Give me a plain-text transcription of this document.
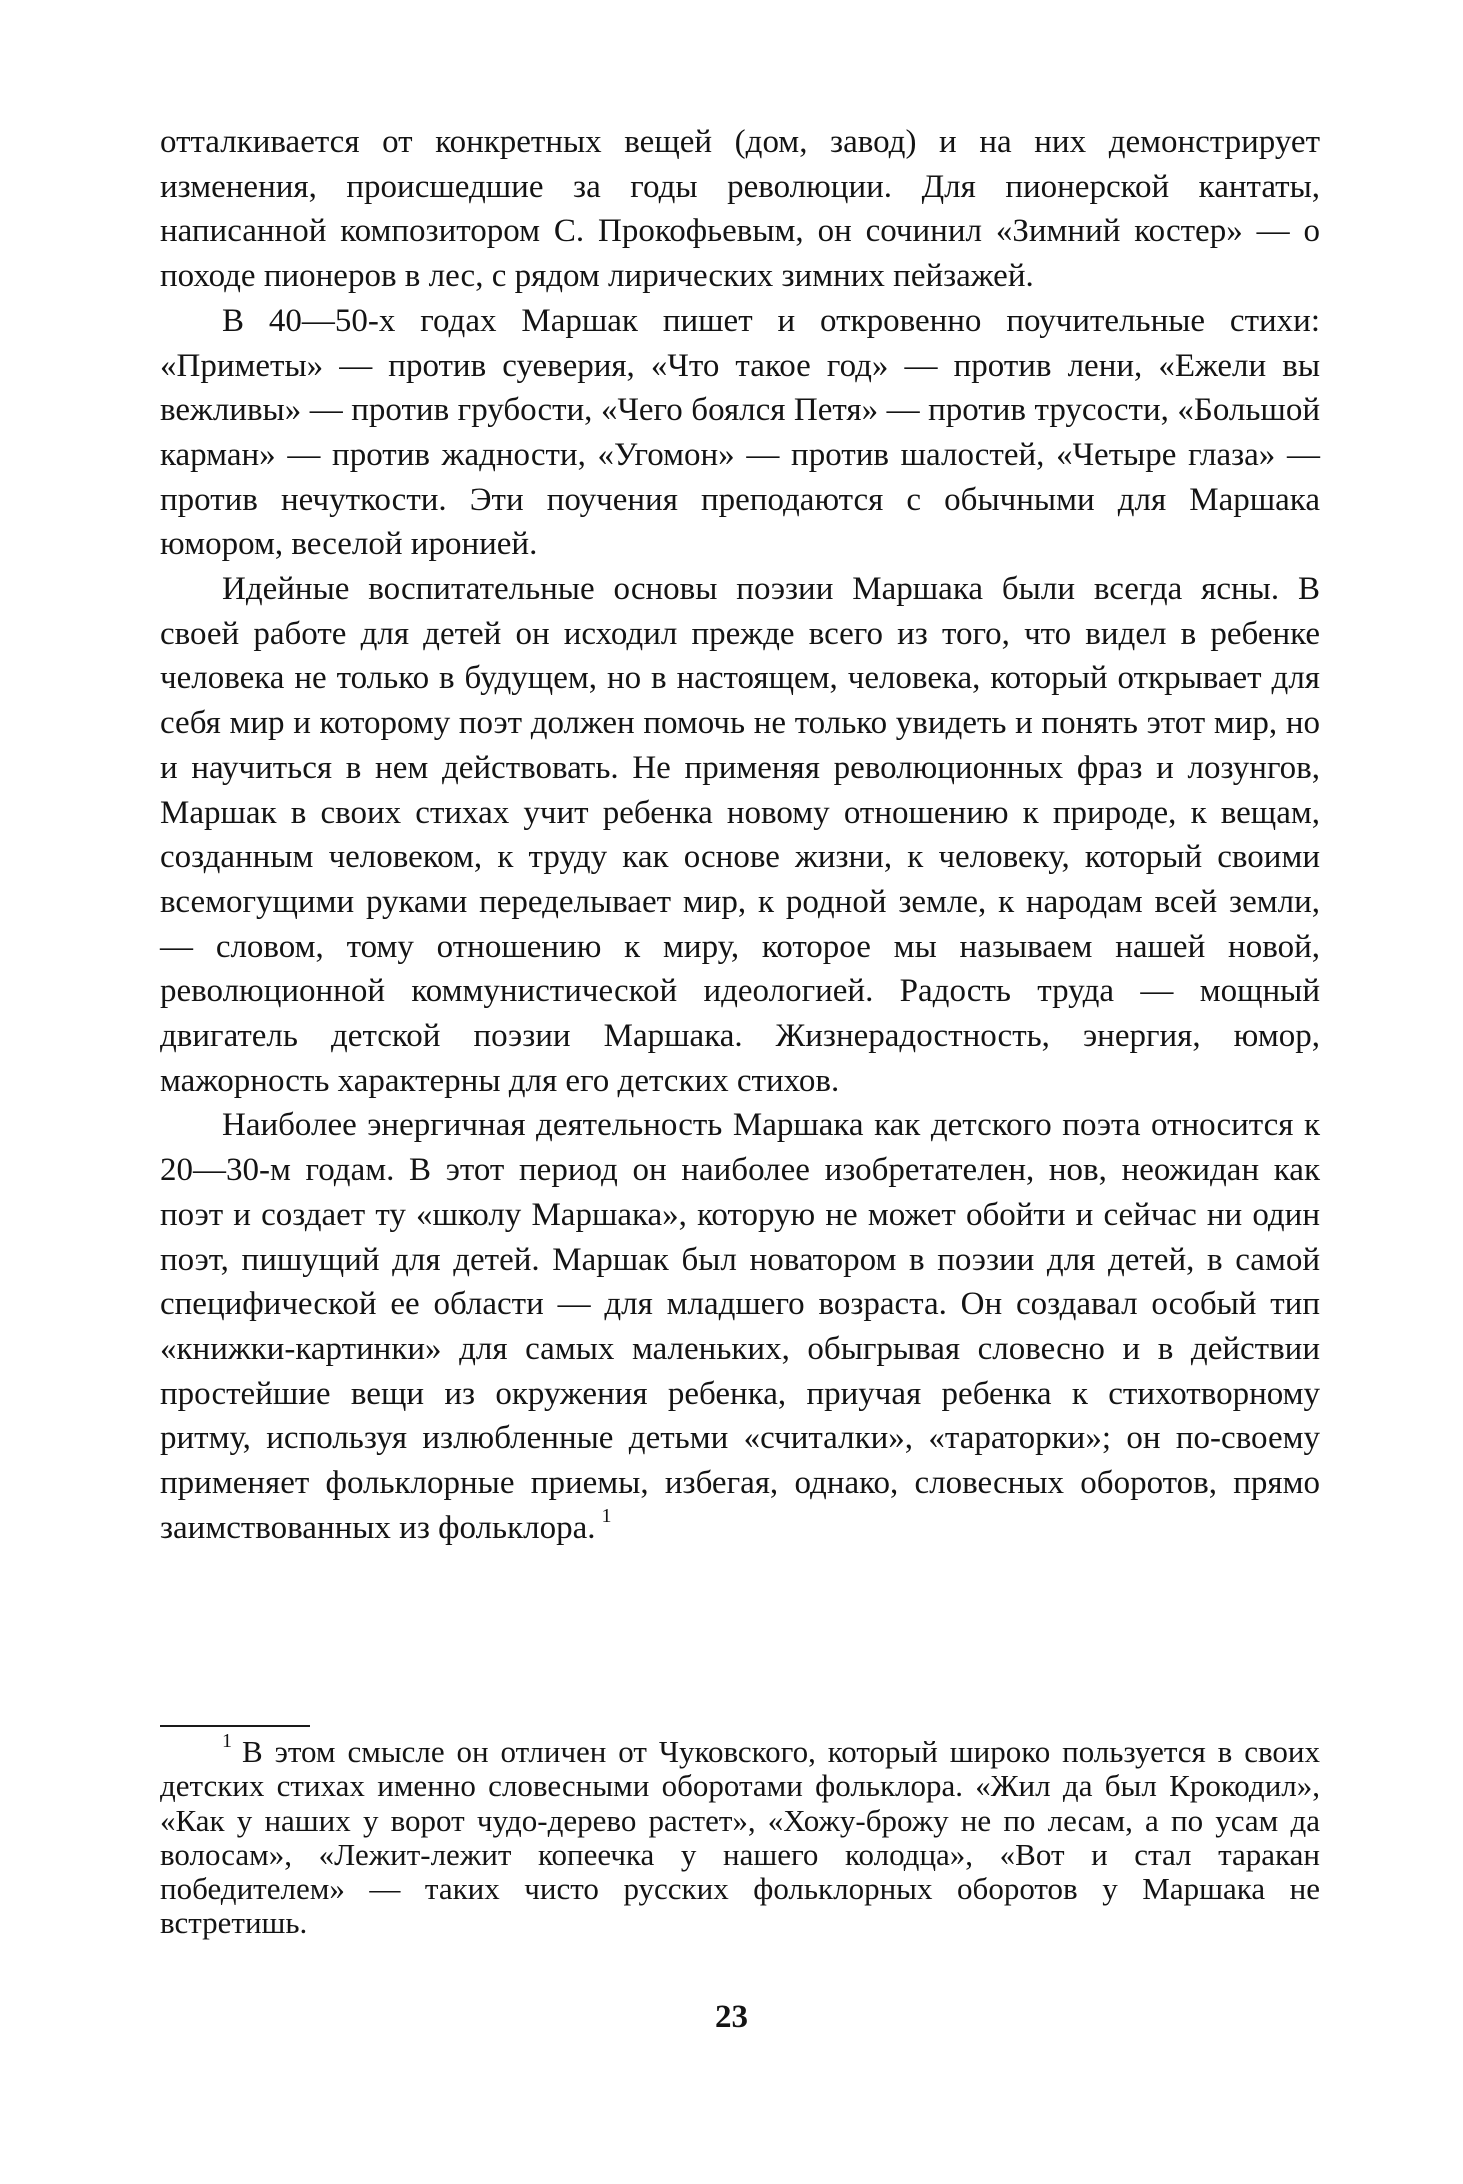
отталкивается от конкретных вещей (дом, завод) и на них демонстрирует изменения, происшедшие за годы революции. Для пионерской кантаты, написанной композитором С. Прокофьевым, он сочинил «Зимний костер» — о походе пионеров в лес, с рядом лирических зимних пейзажей.

В 40—50-х годах Маршак пишет и откровенно поучительные стихи: «Приметы» — против суеверия, «Что такое год» — против лени, «Ежели вы вежливы» — против грубости, «Чего боялся Петя» — против трусости, «Большой карман» — против жадности, «Угомон» — против шалостей, «Четыре глаза» — против нечуткости. Эти поучения преподаются с обычными для Маршака юмором, веселой иронией.

Идейные воспитательные основы поэзии Маршака были всегда ясны. В своей работе для детей он исходил прежде всего из того, что видел в ребенке человека не только в будущем, но в настоящем, человека, который открывает для себя мир и которому поэт должен помочь не только увидеть и понять этот мир, но и научиться в нем действовать. Не применяя революционных фраз и лозунгов, Маршак в своих стихах учит ребенка новому отношению к природе, к вещам, созданным человеком, к труду как основе жизни, к человеку, который своими всемогущими руками переделывает мир, к родной земле, к народам всей земли, — словом, тому отношению к миру, которое мы называем нашей новой, революционной коммунистической идеологией. Радость труда — мощный двигатель детской поэзии Маршака. Жизнерадостность, энергия, юмор, мажорность характерны для его детских стихов.

Наиболее энергичная деятельность Маршака как детского поэта относится к 20—30-м годам. В этот период он наиболее изобретателен, нов, неожидан как поэт и создает ту «школу Маршака», которую не может обойти и сейчас ни один поэт, пишущий для детей. Маршак был новатором в поэзии для детей, в самой специфической ее области — для младшего возраста. Он создавал особый тип «книжки-картинки» для самых маленьких, обыгрывая словесно и в действии простейшие вещи из окружения ребенка, приучая ребенка к стихотворному ритму, используя излюбленные детьми «считалки», «тараторки»; он по-своему применяет фольклорные приемы, избегая, однако, словесных оборотов, прямо заимствованных из фольклора. $^1$

$^1$ В этом смысле он отличен от Чуковского, который широко пользуется в своих детских стихах именно словесными оборотами фольклора. «Жил да был Крокодил», «Как у наших у ворот чудо-дерево растет», «Хожу-брожу не по лесам, а по усам да волосам», «Лежит-лежит копеечка у нашего колодца», «Вот и стал таракан победителем» — таких чисто русских фольклорных оборотов у Маршака не встретишь.

23
